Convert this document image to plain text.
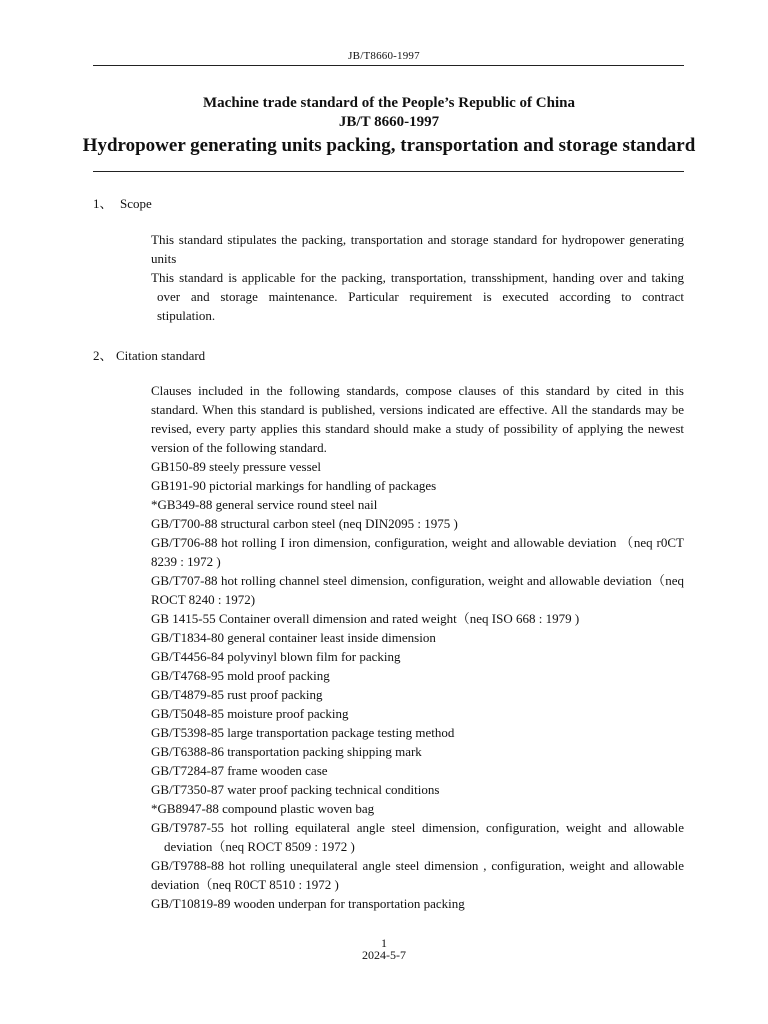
JB/T8660-1997
Machine trade standard of the People’s Republic of China
JB/T 8660-1997
Hydropower generating units packing, transportation and storage standard
1、 Scope

This standard stipulates the packing, transportation and storage standard for hydropower generating units

This standard is applicable for the packing, transportation, transshipment, handing over and taking

over and storage maintenance. Particular requirement is executed according to contract

stipulation.

2、 Citation standard

Clauses included in the following standards, compose clauses of this standard by cited in this standard. When this standard is published, versions indicated are effective. All the standards may be revised, every party applies this standard should make a study of possibility of applying the newest version of the following standard.

GB150-89 steely pressure vessel

GB191-90 pictorial markings for handling of packages

*GB349-88 general service round steel nail

GB/T700-88 structural carbon steel (neq DIN2095 : 1975 )

GB/T706-88 hot rolling I iron dimension, configuration, weight and allowable deviation （neq r0CT 8239 : 1972 )

GB/T707-88 hot rolling channel steel dimension, configuration, weight and allowable deviation（neq ROCT 8240 : 1972)

GB 1415-55 Container overall dimension and rated weight（neq ISO 668 : 1979 )

GB/T1834-80 general container least inside dimension

GB/T4456-84 polyvinyl blown film for packing

GB/T4768-95 mold proof packing

GB/T4879-85 rust proof packing

GB/T5048-85 moisture proof packing

GB/T5398-85 large transportation package testing method

GB/T6388-86 transportation packing shipping mark

GB/T7284-87 frame wooden case

GB/T7350-87 water proof packing technical conditions

*GB8947-88 compound plastic woven bag

GB/T9787-55 hot rolling equilateral angle steel dimension, configuration, weight and allowable

deviation（neq ROCT 8509 : 1972 )

GB/T9788-88 hot rolling unequilateral angle steel dimension , configuration, weight and allowable deviation（neq R0CT 8510 : 1972 )

GB/T10819-89 wooden underpan for transportation packing

1
2024-5-7
